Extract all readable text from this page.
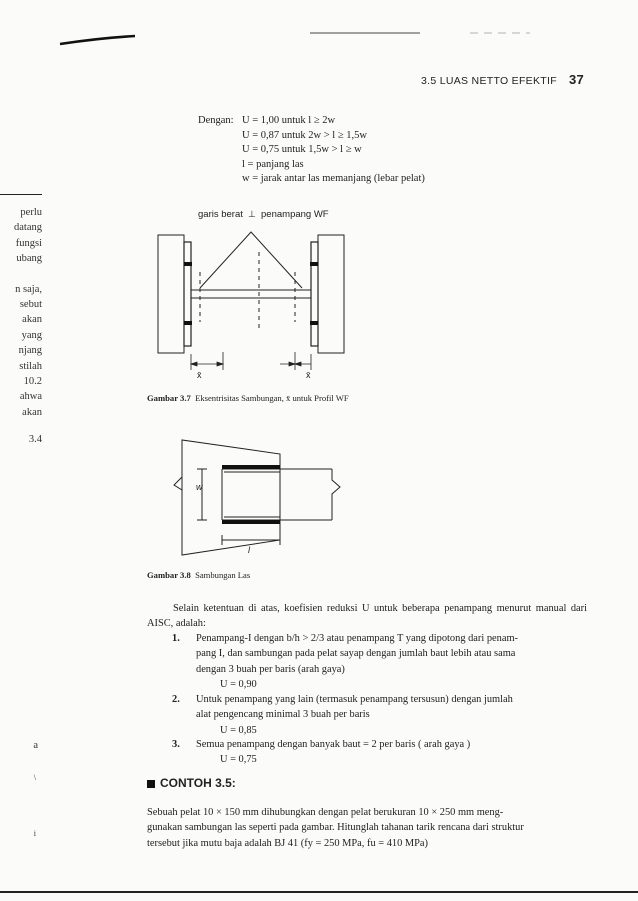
3.5 LUAS NETTO EFEKTIF 37
Dengan: U = 1,00 untuk l ≥ 2w
U = 0,87 untuk 2w > l ≥ 1,5w
U = 0,75 untuk 1,5w > l ≥ w
l = panjang las
w = jarak antar las memanjang (lebar pelat)
perlu
datang
fungsi
ubang
n saja,
sebut
akan
yang
njang
stilah
10.2
ahwa
akan
3.4
a
\
i
garis berat  ⊥  penampang WF
x̄	x̄
Gambar 3.7 Eksentrisitas Sambungan, x̄ untuk Profil WF
w
l
Gambar 3.8 Sambungan Las
Selain ketentuan di atas, koefisien reduksi U untuk beberapa penampang menurut manual dari AISC, adalah:
1. Penampang-I dengan b/h > 2/3 atau penampang T yang dipotong dari penam-
pang I, dan sambungan pada pelat sayap dengan jumlah baut lebih atau sama
dengan 3 buah per baris (arah gaya)
U = 0,90
2. Untuk penampang yang lain (termasuk penampang tersusun) dengan jumlah
alat pengencang minimal 3 buah per baris
U = 0,85
3. Semua penampang dengan banyak baut = 2 per baris ( arah gaya )
U = 0,75
CONTOH 3.5:
Sebuah pelat 10 × 150 mm dihubungkan dengan pelat berukuran 10 × 250 mm meng-
gunakan sambungan las seperti pada gambar. Hitunglah tahanan tarik rencana dari struktur
tersebut jika mutu baja adalah BJ 41 (fy = 250 MPa, fu = 410 MPa)
